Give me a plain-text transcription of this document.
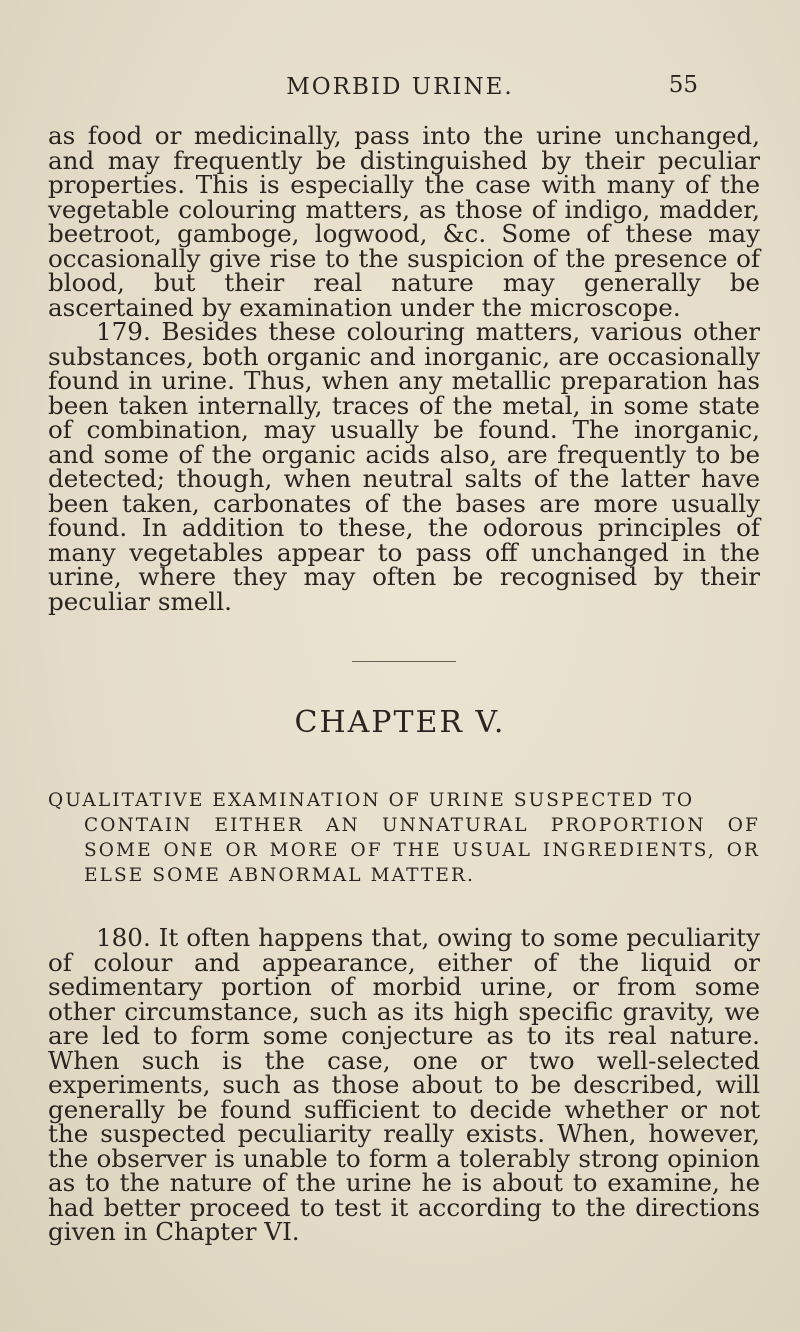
MORBID URINE.	55

as food or medicinally, pass into the urine unchanged, and may frequently be distinguished by their peculiar properties. This is especially the case with many of the vegetable colouring matters, as those of indigo, madder, beetroot, gamboge, logwood, &c. Some of these may occasionally give rise to the suspicion of the presence of blood, but their real nature may generally be ascertained by examination under the microscope.

179. Besides these colouring matters, various other substances, both organic and inorganic, are occasionally found in urine. Thus, when any metallic preparation has been taken internally, traces of the metal, in some state of combination, may usually be found. The inorganic, and some of the organic acids also, are frequently to be detected; though, when neutral salts of the latter have been taken, carbonates of the bases are more usually found. In addition to these, the odorous principles of many vegetables appear to pass off unchanged in the urine, where they may often be recognised by their peculiar smell.

CHAPTER V.

QUALITATIVE EXAMINATION OF URINE SUSPECTED TO
CONTAIN EITHER AN UNNATURAL PROPORTION OF SOME ONE OR MORE OF THE USUAL INGREDIENTS, OR ELSE SOME ABNORMAL MATTER.

180. It often happens that, owing to some peculiarity of colour and appearance, either of the liquid or sedimentary portion of morbid urine, or from some other circumstance, such as its high specific gravity, we are led to form some conjecture as to its real nature. When such is the case, one or two well-selected experiments, such as those about to be described, will generally be found sufficient to decide whether or not the suspected peculiarity really exists. When, however, the observer is unable to form a tolerably strong opinion as to the nature of the urine he is about to examine, he had better proceed to test it according to the directions given in Chapter VI.
